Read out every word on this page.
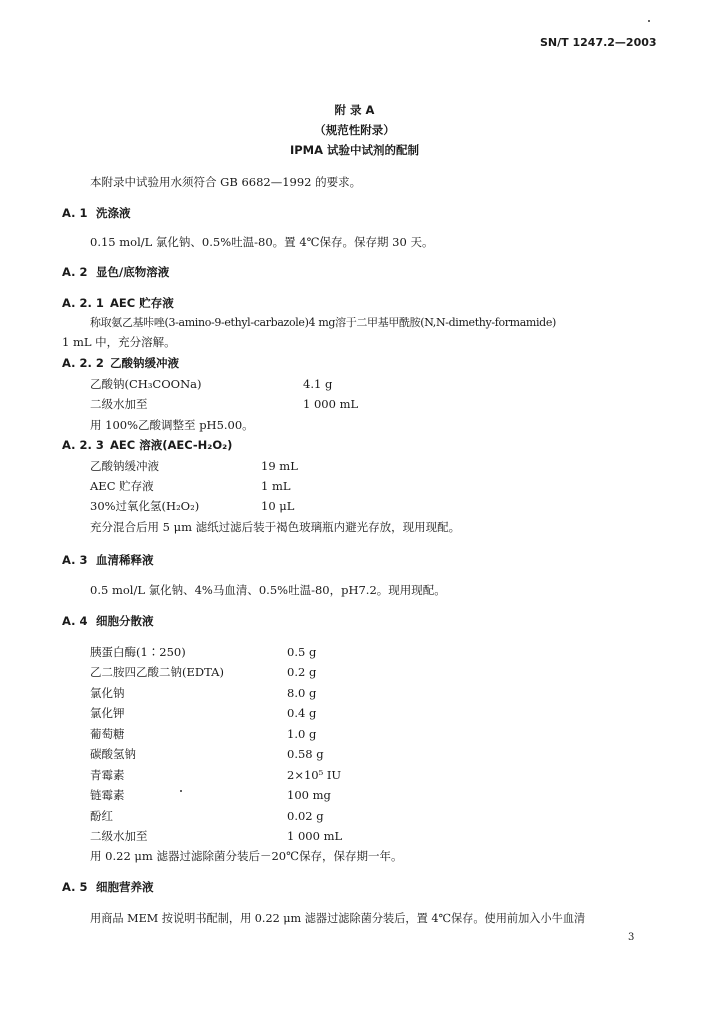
SN/T 1247.2—2003
附 录 A
（规范性附录）
IPMA 试验中试剂的配制
本附录中试验用水须符合 GB 6682—1992 的要求。
A. 1 洗涤液
0.15 mol/L 氯化钠、0.5%吐温-80。置 4℃保存。保存期 30 天。
A. 2 显色/底物溶液
A. 2. 1 AEC 贮存液
称取氨乙基咔唑(3-amino-9-ethyl-carbazole)4 mg溶于二甲基甲酰胺(N,N-dimethy-formamide)
1 mL 中，充分溶解。
A. 2. 2 乙酸钠缓冲液
乙酸钠(CH₃COONa)	4.1 g
二级水加至	1 000 mL
用 100%乙酸调整至 pH5.00。
A. 2. 3 AEC 溶液(AEC-H₂O₂)
乙酸钠缓冲液	19 mL
AEC 贮存液	1 mL
30%过氧化氢(H₂O₂)	10 μL
充分混合后用 5 μm 滤纸过滤后装于褐色玻璃瓶内避光存放，现用现配。
A. 3 血清稀释液
0.5 mol/L 氯化钠、4%马血清、0.5%吐温-80，pH7.2。现用现配。
A. 4 细胞分散液
胰蛋白酶(1∶250)	0.5 g
乙二胺四乙酸二钠(EDTA)	0.2 g
氯化钠	8.0 g
氯化钾	0.4 g
葡萄糖	1.0 g
碳酸氢钠	0.58 g
青霉素	2×10⁵ IU
链霉素	100 mg
酚红	0.02 g
二级水加至	1 000 mL
用 0.22 μm 滤器过滤除菌分装后－20℃保存，保存期一年。
A. 5 细胞营养液
用商品 MEM 按说明书配制，用 0.22 μm 滤器过滤除菌分装后，置 4℃保存。使用前加入小牛血清
3
